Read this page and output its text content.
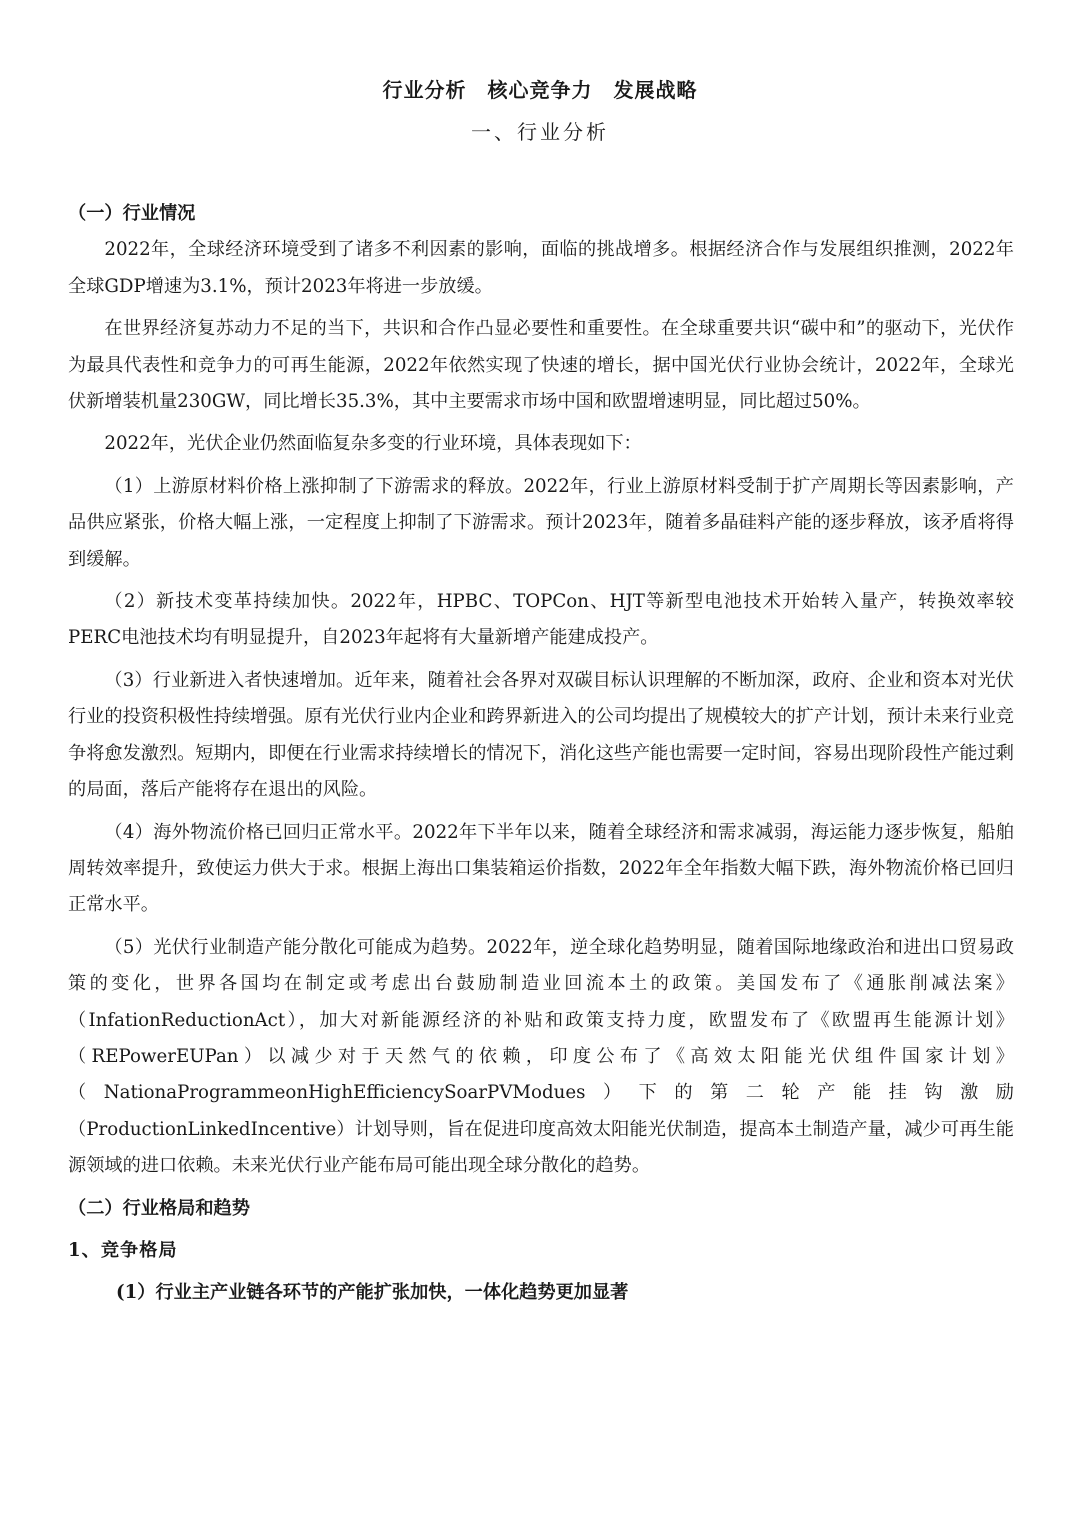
行业分析　核心竞争力　发展战略
一、行业分析
（一）行业情况

2022年，全球经济环境受到了诸多不利因素的影响，面临的挑战增多。根据经济合作与发展组织推测，2022年全球GDP增速为3.1%，预计2023年将进一步放缓。

在世界经济复苏动力不足的当下，共识和合作凸显必要性和重要性。在全球重要共识“碳中和”的驱动下，光伏作为最具代表性和竞争力的可再生能源，2022年依然实现了快速的增长，据中国光伏行业协会统计，2022年，全球光伏新增装机量230GW，同比增长35.3%，其中主要需求市场中国和欧盟增速明显，同比超过50%。

2022年，光伏企业仍然面临复杂多变的行业环境，具体表现如下：

（1）上游原材料价格上涨抑制了下游需求的释放。2022年，行业上游原材料受制于扩产周期长等因素影响，产品供应紧张，价格大幅上涨，一定程度上抑制了下游需求。预计2023年，随着多晶硅料产能的逐步释放，该矛盾将得到缓解。

（2）新技术变革持续加快。2022年，HPBC、TOPCon、HJT等新型电池技术开始转入量产，转换效率较PERC电池技术均有明显提升，自2023年起将有大量新增产能建成投产。

（3）行业新进入者快速增加。近年来，随着社会各界对双碳目标认识理解的不断加深，政府、企业和资本对光伏行业的投资积极性持续增强。原有光伏行业内企业和跨界新进入的公司均提出了规模较大的扩产计划，预计未来行业竞争将愈发激烈。短期内，即便在行业需求持续增长的情况下，消化这些产能也需要一定时间，容易出现阶段性产能过剩的局面，落后产能将存在退出的风险。

（4）海外物流价格已回归正常水平。2022年下半年以来，随着全球经济和需求减弱，海运能力逐步恢复，船舶周转效率提升，致使运力供大于求。根据上海出口集装箱运价指数，2022年全年指数大幅下跌，海外物流价格已回归正常水平。

（5）光伏行业制造产能分散化可能成为趋势。2022年，逆全球化趋势明显，随着国际地缘政治和进出口贸易政策的变化，世界各国均在制定或考虑出台鼓励制造业回流本土的政策。美国发布了《通胀削减法案》（InfationReductionAct），加大对新能源经济的补贴和政策支持力度，欧盟发布了《欧盟再生能源计划》（REPowerEUPan）以减少对于天然气的依赖，印度公布了《高效太阳能光伏组件国家计划》（NationaProgrammeonHighEfficiencySoarPVModues）下的第二轮产能挂钩激励（ProductionLinkedIncentive）计划导则，旨在促进印度高效太阳能光伏制造，提高本土制造产量，减少可再生能源领域的进口依赖。未来光伏行业产能布局可能出现全球分散化的趋势。

（二）行业格局和趋势
1、竞争格局
(1）行业主产业链各环节的产能扩张加快，一体化趋势更加显著
